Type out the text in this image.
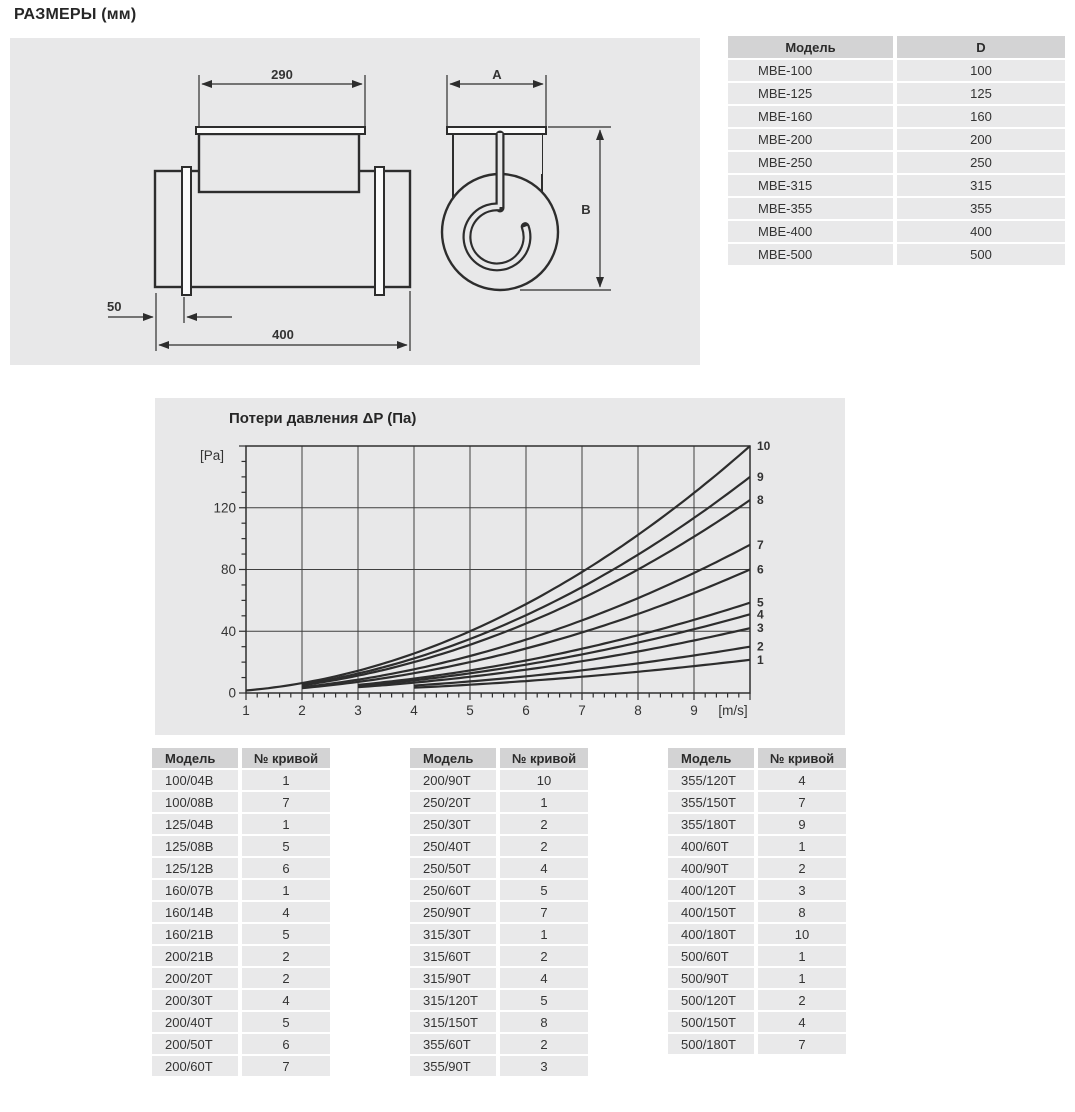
РАЗМЕРЫ (мм)
290	A
B
50
400
Модель	D
МВЕ-100	100
МВЕ-125	125
МВЕ-160	160
МВЕ-200	200
МВЕ-250	250
МВЕ-315	315
МВЕ-355	355
МВЕ-400	400
МВЕ-500	500
Потери давления ΔP (Па)
1	2	3	4	5	6	7	8	9 [m/s]
0
40
80
120
[Pa]
1
2
3
4
5
6
7
8
9
10
Модель	№ кривой
100/04В	1
100/08В	7
125/04В	1
125/08В	5
125/12В	6
160/07В	1
160/14В	4
160/21В	5
200/21В	2
200/20Т	2
200/30Т	4
200/40Т	5
200/50Т	6
200/60Т	7
Модель	№ кривой
200/90Т	10
250/20Т	1
250/30Т	2
250/40Т	2
250/50Т	4
250/60Т	5
250/90Т	7
315/30Т	1
315/60Т	2
315/90Т	4
315/120Т	5
315/150Т	8
355/60Т	2
355/90Т	3
Модель	№ кривой
355/120Т	4
355/150Т	7
355/180Т	9
400/60Т	1
400/90Т	2
400/120Т	3
400/150Т	8
400/180Т	10
500/60Т	1
500/90Т	1
500/120Т	2
500/150Т	4
500/180Т	7
